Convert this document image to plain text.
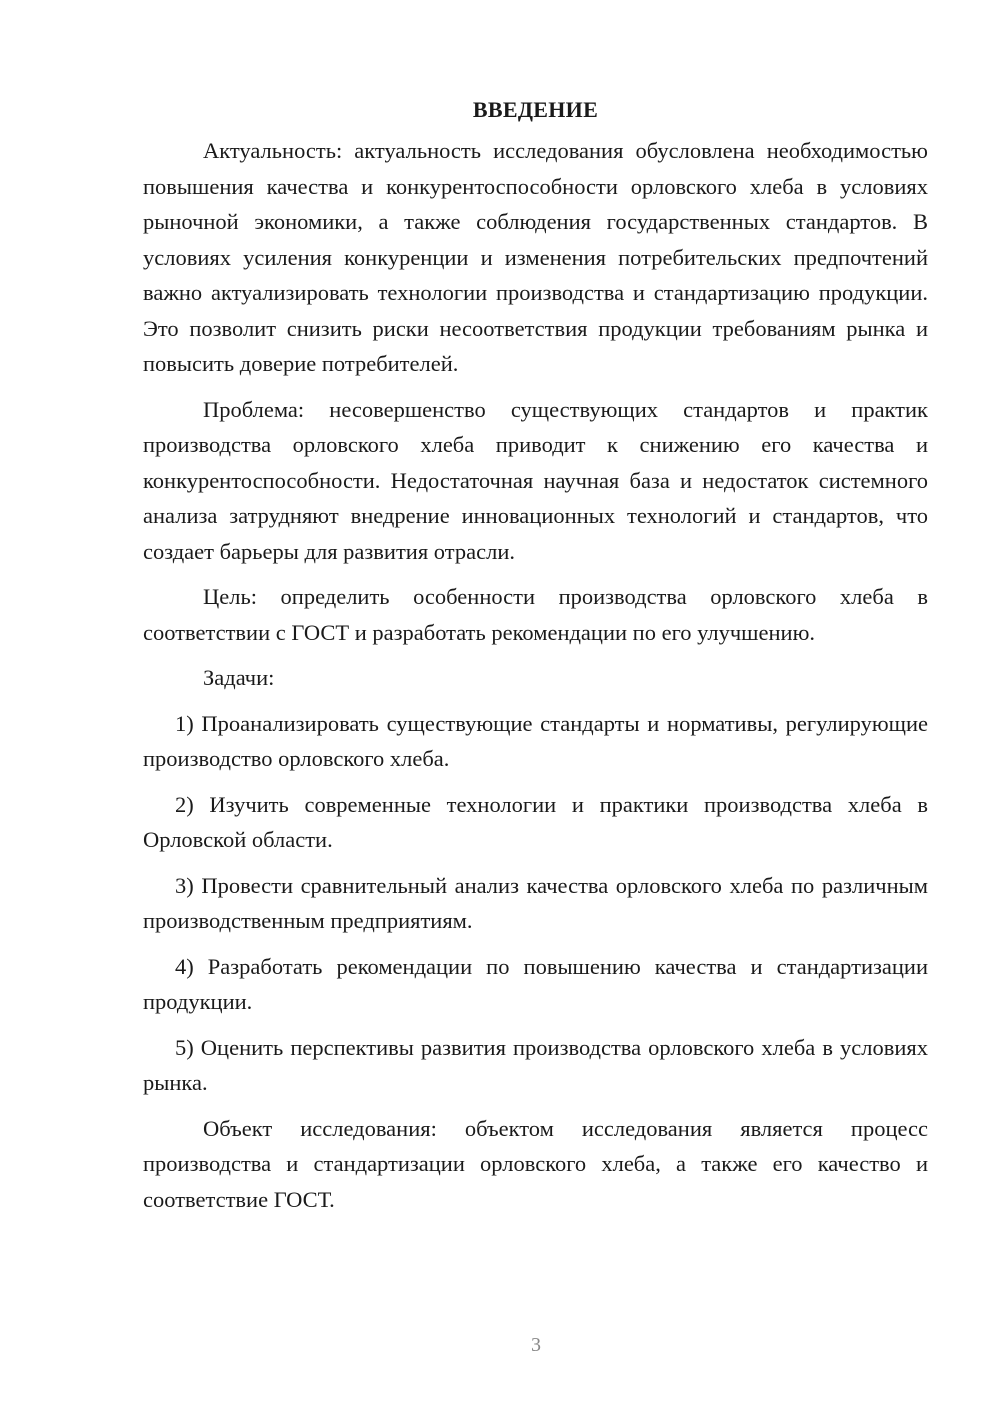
ВВЕДЕНИЕ

Актуальность: актуальность исследования обусловлена необходимостью повышения качества и конкурентоспособности орловского хлеба в условиях рыночной экономики, а также соблюдения государственных стандартов. В условиях усиления конкуренции и изменения потребительских предпочтений важно актуализировать технологии производства и стандартизацию продукции. Это позволит снизить риски несоответствия продукции требованиям рынка и повысить доверие потребителей.

Проблема: несовершенство существующих стандартов и практик производства орловского хлеба приводит к снижению его качества и конкурентоспособности. Недостаточная научная база и недостаток системного анализа затрудняют внедрение инновационных технологий и стандартов, что создает барьеры для развития отрасли.

Цель: определить особенности производства орловского хлеба в соответствии с ГОСТ и разработать рекомендации по его улучшению.

Задачи:

1) Проанализировать существующие стандарты и нормативы, регулирующие производство орловского хлеба.

2) Изучить современные технологии и практики производства хлеба в Орловской области.

3) Провести сравнительный анализ качества орловского хлеба по различным производственным предприятиям.

4) Разработать рекомендации по повышению качества и стандартизации продукции.

5) Оценить перспективы развития производства орловского хлеба в условиях рынка.

Объект исследования: объектом исследования является процесс производства и стандартизации орловского хлеба, а также его качество и соответствие ГОСТ.

3
